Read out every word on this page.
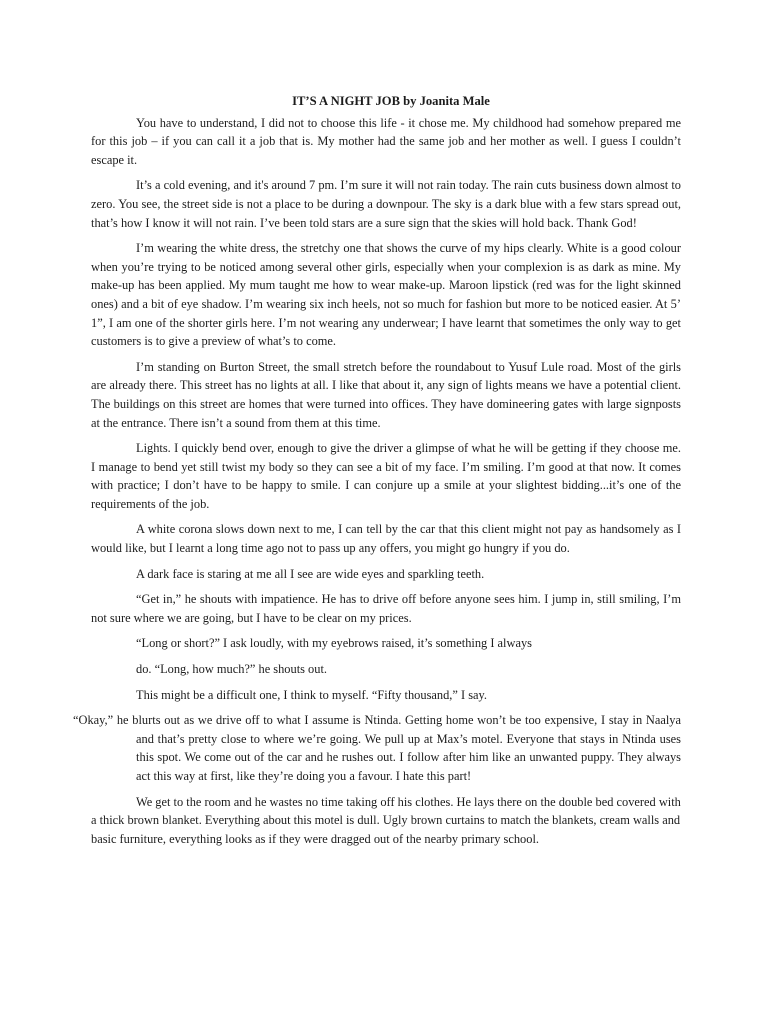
IT’S A NIGHT JOB by Joanita Male

You have to understand, I did not to choose this life - it chose me. My childhood had somehow prepared me for this job – if you can call it a job that is. My mother had the same job and her mother as well. I guess I couldn’t escape it.

It’s a cold evening, and it's around 7 pm. I’m sure it will not rain today. The rain cuts business down almost to zero. You see, the street side is not a place to be during a downpour. The sky is a dark blue with a few stars spread out, that’s how I know it will not rain. I’ve been told stars are a sure sign that the skies will hold back. Thank God!

I’m wearing the white dress, the stretchy one that shows the curve of my hips clearly. White is a good colour when you’re trying to be noticed among several other girls, especially when your complexion is as dark as mine. My make-up has been applied. My mum taught me how to wear make-up. Maroon lipstick (red was for the light skinned ones) and a bit of eye shadow. I’m wearing six inch heels, not so much for fashion but more to be noticed easier. At 5’ 1”, I am one of the shorter girls here. I’m not wearing any underwear; I have learnt that sometimes the only way to get customers is to give a preview of what’s to come.

I’m standing on Burton Street, the small stretch before the roundabout to Yusuf Lule road. Most of the girls are already there. This street has no lights at all. I like that about it, any sign of lights means we have a potential client. The buildings on this street are homes that were turned into offices. They have domineering gates with large signposts at the entrance. There isn’t a sound from them at this time.

Lights. I quickly bend over, enough to give the driver a glimpse of what he will be getting if they choose me. I manage to bend yet still twist my body so they can see a bit of my face. I’m smiling. I’m good at that now. It comes with practice; I don’t have to be happy to smile. I can conjure up a smile at your slightest bidding...it’s one of the requirements of the job.

A white corona slows down next to me, I can tell by the car that this client might not pay as handsomely as I would like, but I learnt a long time ago not to pass up any offers, you might go hungry if you do.

A dark face is staring at me all I see are wide eyes and sparkling teeth.

“Get in,” he shouts with impatience. He has to drive off before anyone sees him. I jump in, still smiling, I’m not sure where we are going, but I have to be clear on my prices.

“Long or short?” I ask loudly, with my eyebrows raised, it’s something I always

do. “Long, how much?” he shouts out.

This might be a difficult one, I think to myself. “Fifty thousand,” I say.

“Okay,” he blurts out as we drive off to what I assume is Ntinda. Getting home won’t be too expensive, I stay in Naalya and that’s pretty close to where we’re going. We pull up at Max’s motel. Everyone that stays in Ntinda uses this spot. We come out of the car and he rushes out. I follow after him like an unwanted puppy. They always act this way at first, like they’re doing you a favour. I hate this part!

We get to the room and he wastes no time taking off his clothes. He lays there on the double bed covered with a thick brown blanket. Everything about this motel is dull. Ugly brown curtains to match the blankets, cream walls and basic furniture, everything looks as if they were dragged out of the nearby primary school.
